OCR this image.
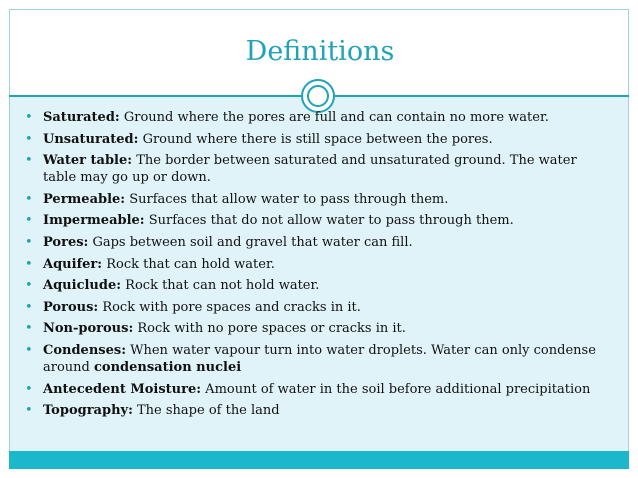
Definitions
• Saturated: Ground where the pores are full and can contain no more water.
• Unsaturated: Ground where there is still space between the pores.
• Water table: The border between saturated and unsaturated ground. The water table may go up or down.
• Permeable: Surfaces that allow water to pass through them.
• Impermeable: Surfaces that do not allow water to pass through them.
• Pores: Gaps between soil and gravel that water can fill.
• Aquifer: Rock that can hold water.
• Aquiclude: Rock that can not hold water.
• Porous: Rock with pore spaces and cracks in it.
• Non-porous: Rock with no pore spaces or cracks in it.
• Condenses: When water vapour turn into water droplets. Water can only condense around condensation nuclei
• Antecedent Moisture: Amount of water in the soil before additional precipitation
• Topography: The shape of the land
